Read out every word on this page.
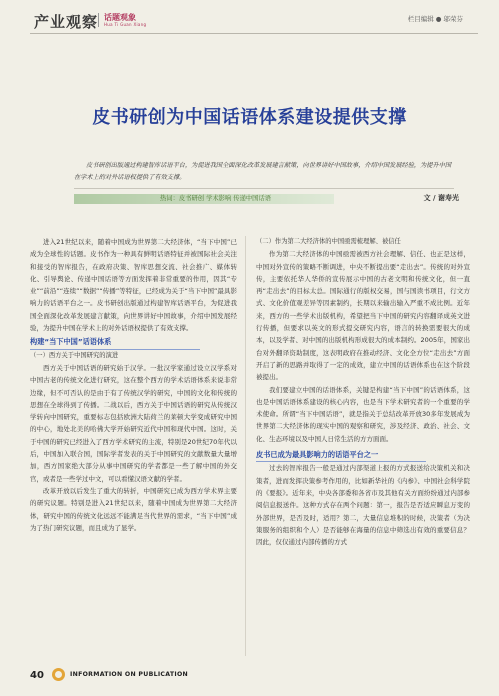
产业观察 话题观象
Hua Ti Guan Xiang
栏目编辑 ● 邬荣芬
皮书研创为中国话语体系建设提供支撑
皮书研创出版通过构建智库话语平台，为促进我国全面深化改革发展建言献策，向世界讲好中国故事，介绍中国发展经验，为提升中国在学术上的对外话语权提供了有效支撑。
热词：皮书研创 学术影响 传递中国话语	文 / 谢寿光

进入21世纪以来，随着中国成为世界第二大经济体，“当下中国”已成为全球性的话题。皮书作为一种具有鲜明话语特征并被国际社会关注和接受的智库报告，在政府决策、智库思想交流、社会推广、媒体转化、引导舆论、传递中国话语等方面发挥着非常重要的作用，因其“专业”“前沿”“连续”“数据”“传播”等特征，已经成为关于“当下中国”最具影响力的话语平台之一。皮书研创出版通过构建智库话语平台，为促进我国全面深化改革发展建言献策，向世界讲好中国故事，介绍中国发展经验，为提升中国在学术上的对外话语权提供了有效支撑。

构建“当下中国”话语体系

（一）西方关于中国研究的演进

西方关于中国话语的研究始于汉学。一批汉学家通过设立汉学系对中国古老的传统文化进行研究，这在整个西方的学术话语体系来说非常边缘，但不可否认的是由于有了传统汉学的研究，中国的文化和传统的思想在全球得到了传播。二战以后，西方关于中国话语的研究从传统汉学转向中国研究，重要标志包括欧洲大陆荷兰的莱顿大学变成研究中国的中心，地处北美的哈佛大学开始研究近代中国和现代中国。这时，关于中国的研究已经进入了西方学术研究的主流，特别是20世纪70年代以后，中国加入联合国，国际学者发表的关于中国研究的文献数量大量增加，西方国家绝大部分从事中国研究的学者都是一些了解中国的外交官，或者是一些学过中文，可以看懂汉语文献的学者。

改革开放以后发生了重大的转折，中国研究已成为西方学术界主要的研究议题。特别是进入21世纪以来，随着中国成为世界第二大经济体，研究中国的传统文化远远不能满足当代世界的需求，“当下中国”成为了热门研究议题，而且成为了显学。

（二）作为第二大经济体的中国亟需梳理解、被信任

作为第二大经济体的中国亟需被西方社会理解、信任、也正是这样，中国对外宣传的策略不断调进，中央不断提出要“走出去”。传统的对外宣传，主要依托华人华侨的宣传展示中国的古老文明和传统文化，但一直再“走出去”的目标太总。国际通行的版权交易，国与国读书项目，行文方式、文化价值观差异等因素制约，长期以来输出输入严重不成比例。近年来，西方的一些学术出版机构，希望把当下中国的研究内容翻译成英文进行传播，但要求以英文的形式提交研究内容，语言的转换需要很大的成本，以及学者、对中国的出版机构形成很大的成本制约。2005年，国家出台对外翻译资助制度，这表明政府在推动经济、文化全方位“走出去”方面开启了新的思路并取得了一定的成效，建立中国的话语体系也在这个阶段被提出。

我们要建立中国的话语体系，关键是构建“当下中国”的话语体系，这也是中国话语体系建设的核心内容，也是当下学术研究者的一个重要的学术使命。所谓“当下中国话语”，就是指关于总结改革开放30多年发展成为世界第二大经济体的现实中国的观察和研究，涉及经济、政治、社会、文化、生态环境以及中国人日常生活的方方面面。

皮书已成为最具影响力的话语平台之一

过去的智库报告一般是通过内部渠道上报的方式报送给决策机关和决策者，进而发挥决策参考作用的，比如新华社的《内参》、中国社会科学院的《要报》。近年来，中央各部委和各省市及其他有关方面纷纷通过内部参阅信息报送件。这种方式存在两个问题：第一，报告是否适应瞬息万变的外部世界，是否及时，适用？第二，大量信息堆积的时候，决策者（为决策服务的组织和个人）是否能够在海量的信息中筛选出有效的重要信息？因此，仅仅通过内部传播的方式

40	INFORMATION ON PUBLICATION
